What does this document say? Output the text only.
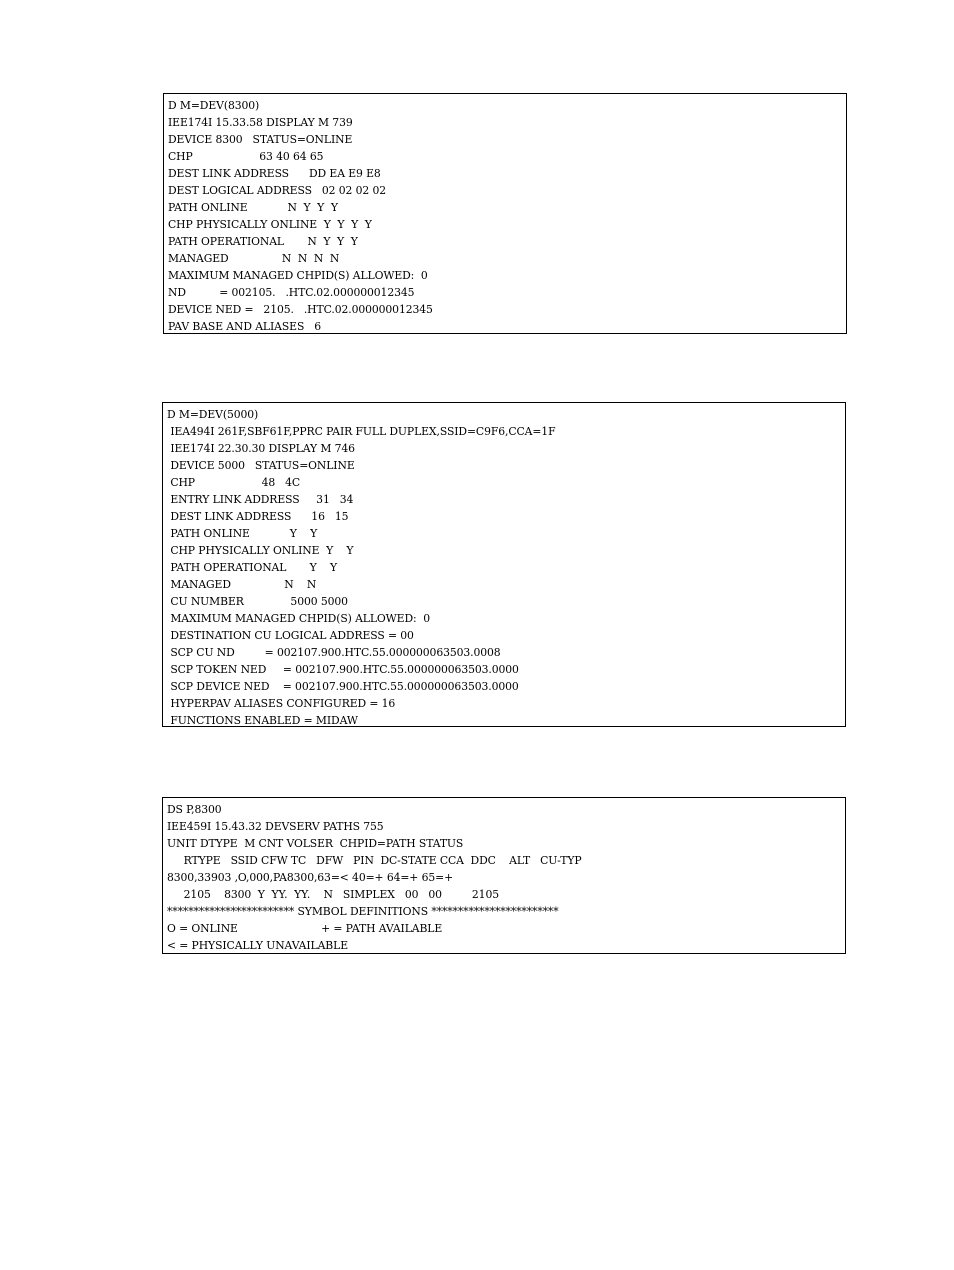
D M=DEV(8300)
IEE174I 15.33.58 DISPLAY M 739
DEVICE 8300   STATUS=ONLINE
CHP                    63 40 64 65
DEST LINK ADDRESS      DD EA E9 E8
DEST LOGICAL ADDRESS   02 02 02 02
PATH ONLINE            N  Y  Y  Y
CHP PHYSICALLY ONLINE  Y  Y  Y  Y
PATH OPERATIONAL       N  Y  Y  Y
MANAGED                N  N  N  N
MAXIMUM MANAGED CHPID(S) ALLOWED:  0
ND          = 002105.   .HTC.02.000000012345
DEVICE NED =   2105.   .HTC.02.000000012345
PAV BASE AND ALIASES   6
D M=DEV(5000)
IEA494I 261F,SBF61F,PPRC PAIR FULL DUPLEX,SSID=C9F6,CCA=1F
IEE174I 22.30.30 DISPLAY M 746
DEVICE 5000   STATUS=ONLINE
CHP                    48   4C
ENTRY LINK ADDRESS     31   34
DEST LINK ADDRESS      16   15
PATH ONLINE            Y    Y
CHP PHYSICALLY ONLINE  Y    Y
PATH OPERATIONAL       Y    Y
MANAGED                N    N
CU NUMBER              5000 5000
MAXIMUM MANAGED CHPID(S) ALLOWED:  0
DESTINATION CU LOGICAL ADDRESS = 00
SCP CU ND         = 002107.900.HTC.55.000000063503.0008
SCP TOKEN NED     = 002107.900.HTC.55.000000063503.0000
SCP DEVICE NED    = 002107.900.HTC.55.000000063503.0000
HYPERPAV ALIASES CONFIGURED = 16
FUNCTIONS ENABLED = MIDAW
DS P,8300
IEE459I 15.43.32 DEVSERV PATHS 755
UNIT DTYPE  M CNT VOLSER  CHPID=PATH STATUS
RTYPE   SSID CFW TC   DFW   PIN  DC-STATE CCA  DDC    ALT   CU-TYP
8300,33903 ,O,000,PA8300,63=< 40=+ 64=+ 65=+
2105    8300  Y  YY.  YY.    N   SIMPLEX   00   00         2105
************************ SYMBOL DEFINITIONS ************************
O = ONLINE                         + = PATH AVAILABLE
< = PHYSICALLY UNAVAILABLE
